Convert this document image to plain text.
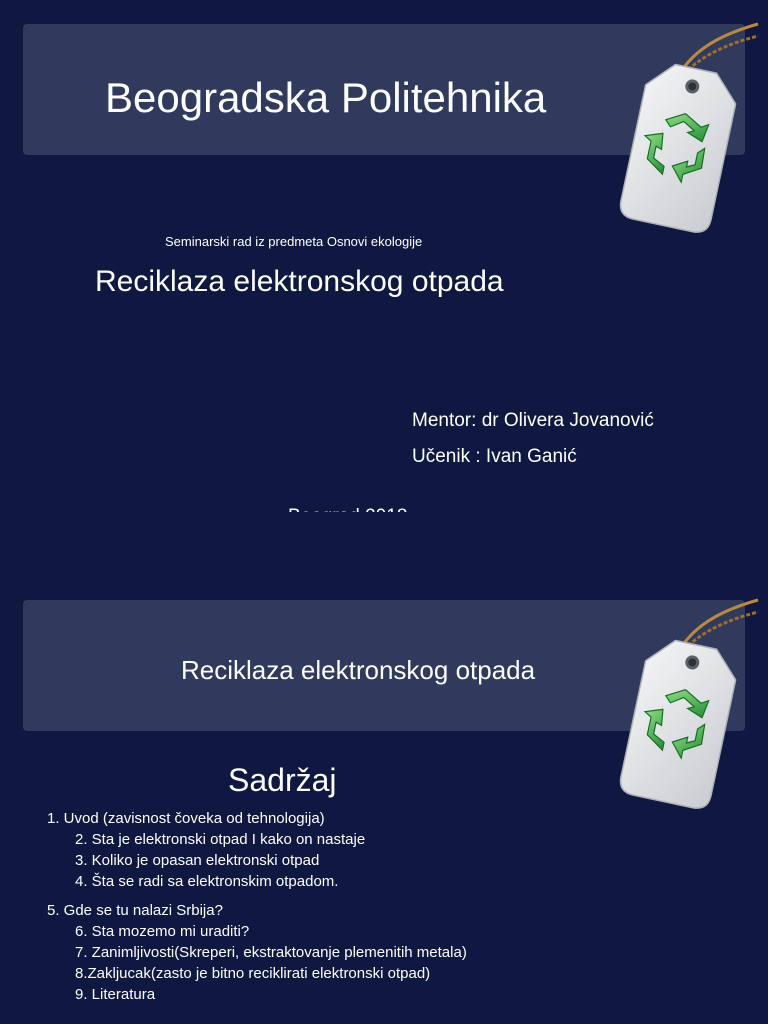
Beogradska Politehnika
Seminarski rad iz predmeta Osnovi ekologije
Reciklaza elektronskog otpada
Mentor: dr Olivera Jovanović
Učenik : Ivan Ganić
Reciklaza elektronskog otpada
Sadržaj
1. Uvod (zavisnost čoveka od tehnologija)
2. Sta je elektronski otpad I kako on nastaje
3. Koliko je opasan elektronski otpad
4. Šta se radi sa elektronskim otpadom.
5. Gde se tu nalazi Srbija?
6. Sta mozemo mi uraditi?
7. Zanimljivosti(Skreperi, ekstraktovanje plemenitih metala)
8.Zakljucak(zasto je bitno reciklirati elektronski otpad)
9. Literatura
